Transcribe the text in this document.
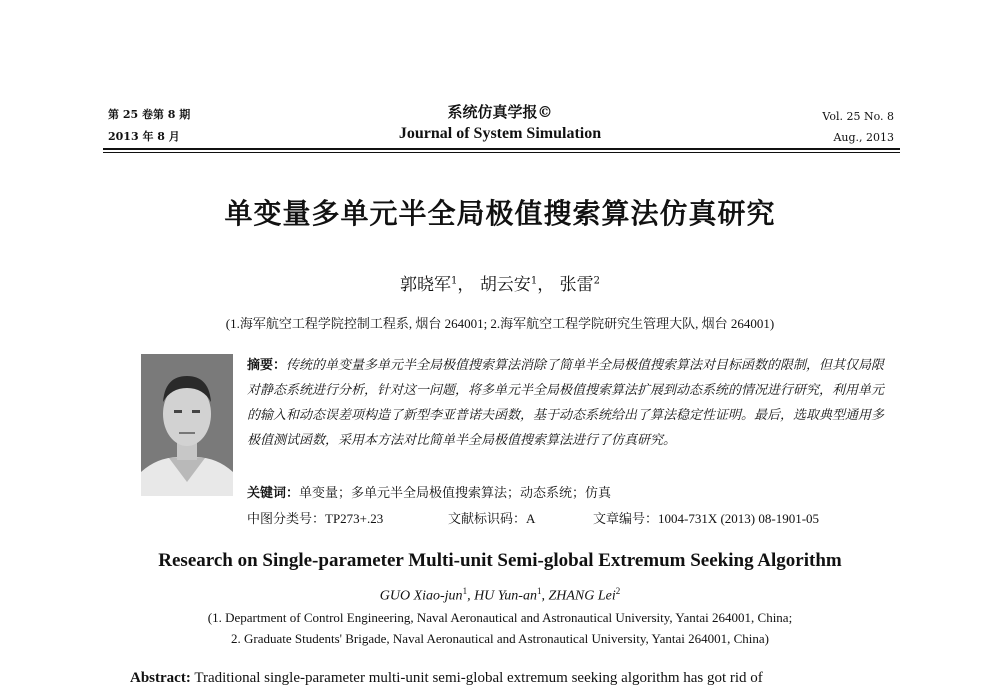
第 25 卷第 8 期
2013 年 8 月
系统仿真学报©
Journal of System Simulation
Vol. 25 No. 8
Aug., 2013
单变量多单元半全局极值搜索算法仿真研究
郭晓军$^1$， 胡云安$^1$， 张雷$^2$
(1.海军航空工程学院控制工程系, 烟台 264001; 2.海军航空工程学院研究生管理大队, 烟台 264001)
摘要：传统的单变量多单元半全局极值搜索算法消除了简单半全局极值搜索算法对目标函数的限制，但其仅局限对静态系统进行分析，针对这一问题，将多单元半全局极值搜索算法扩展到动态系统的情况进行研究，利用单元的输入和动态误差项构造了新型李亚普诺夫函数，基于动态系统给出了算法稳定性证明。最后，选取典型通用多极值测试函数，采用本方法对比简单半全局极值搜索算法进行了仿真研究。
关键词：单变量；多单元半全局极值搜索算法；动态系统；仿真
中图分类号：TP273+.23	文献标识码：A	文章编号：1004-731X (2013) 08-1901-05
Research on Single-parameter Multi-unit Semi-global Extremum Seeking Algorithm
GUO Xiao-jun$^1$, HU Yun-$an^1$, ZHANG Lei$^2$
(1. Department of Control Engineering, Naval Aeronautical and Astronautical University, Yantai 264001, China;
2. Graduate Students' Brigade, Naval Aeronautical and Astronautical University, Yantai 264001, China)
Abstract: Traditional single-parameter multi-unit semi-global extremum seeking algorithm has got rid of
